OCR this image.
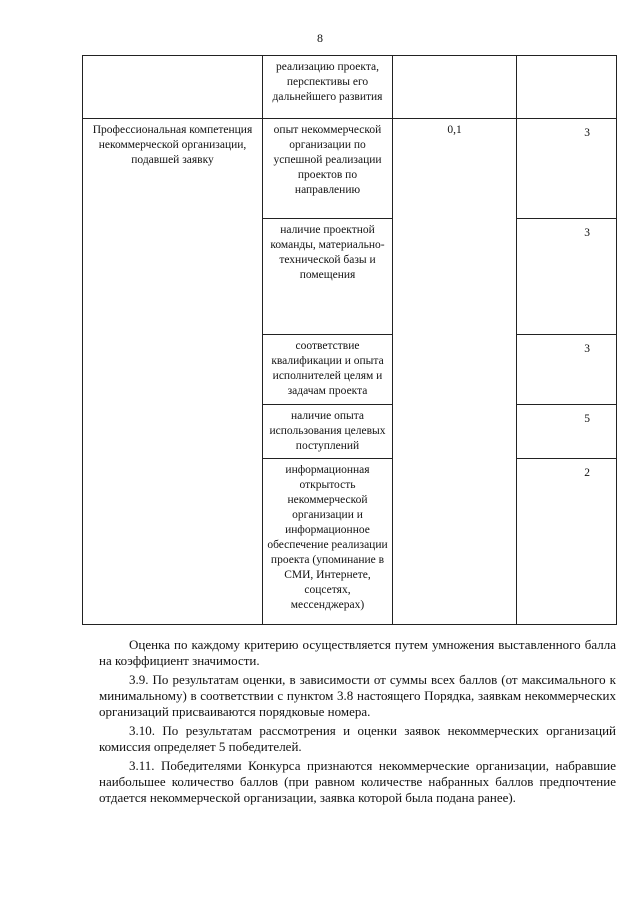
8
	реализацию проекта, перспективы его дальнейшего развития		
Профессиональная компетенция некоммерческой организации, подавшей заявку	опыт некоммерческой организации по успешной реализации проектов по направлению	0,1	3
	наличие проектной команды, материально-технической базы и помещения		3
	соответствие квалификации и опыта исполнителей целям и задачам проекта		3
	наличие опыта использования целевых поступлений		5
	информационная открытость некоммерческой организации и информационное обеспечение реализации проекта (упоминание в СМИ, Интернете, соцсетях, мессенджерах)		2

Оценка по каждому критерию осуществляется путем умножения выставленного балла на коэффициент значимости.

3.9. По результатам оценки, в зависимости от суммы всех баллов (от максимального к минимальному) в соответствии с пунктом 3.8 настоящего Порядка, заявкам некоммерческих организаций присваиваются порядковые номера.

3.10. По результатам рассмотрения и оценки заявок некоммерческих организаций комиссия определяет 5 победителей.

3.11. Победителями Конкурса признаются некоммерческие организации, набравшие наибольшее количество баллов (при равном количестве набранных баллов предпочтение отдается некоммерческой организации, заявка которой была подана ранее).
